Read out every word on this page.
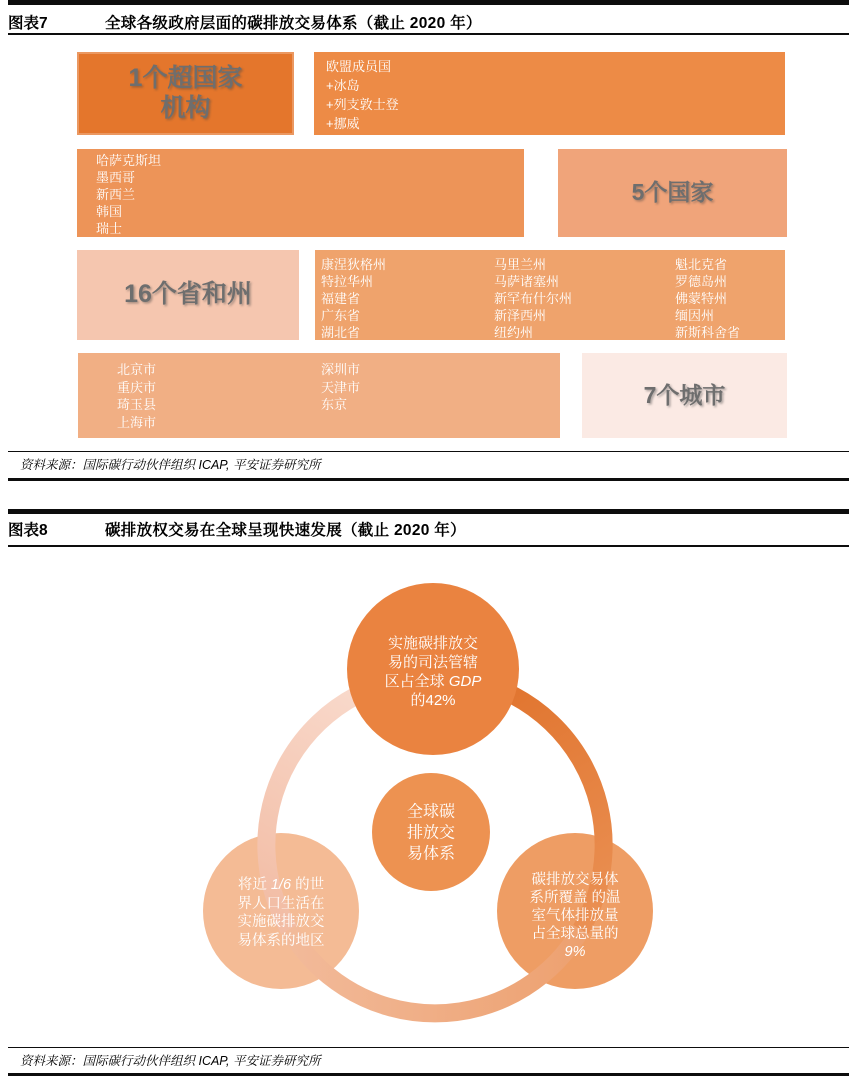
图表7	全球各级政府层面的碳排放交易体系（截止 2020 年）
1个超国家
机构
欧盟成员国
+冰岛
+列支敦士登
+挪威
哈萨克斯坦
墨西哥
新西兰
韩国
瑞士
5个国家
16个省和州
康涅狄格州
特拉华州
福建省
广东省
湖北省
马里兰州
马萨诸塞州
新罕布什尔州
新泽西州
纽约州
魁北克省
罗德岛州
佛蒙特州
缅因州
新斯科舍省
北京市
重庆市
琦玉县
上海市
深圳市
天津市
东京	7个城市
资料来源：国际碳行动伙伴组织 ICAP, 平安证券研究所
图表8	碳排放权交易在全球呈现快速发展（截止 2020 年）
实施碳排放交
易的司法管辖
区占全球 GDP
的42%
全球碳
排放交
易体系
将近 1/6 的世
界人口生活在
实施碳排放交
易体系的地区
碳排放交易体
系所覆盖 的温
室气体排放量
占全球总量的
9%
资料来源：国际碳行动伙伴组织 ICAP, 平安证券研究所
